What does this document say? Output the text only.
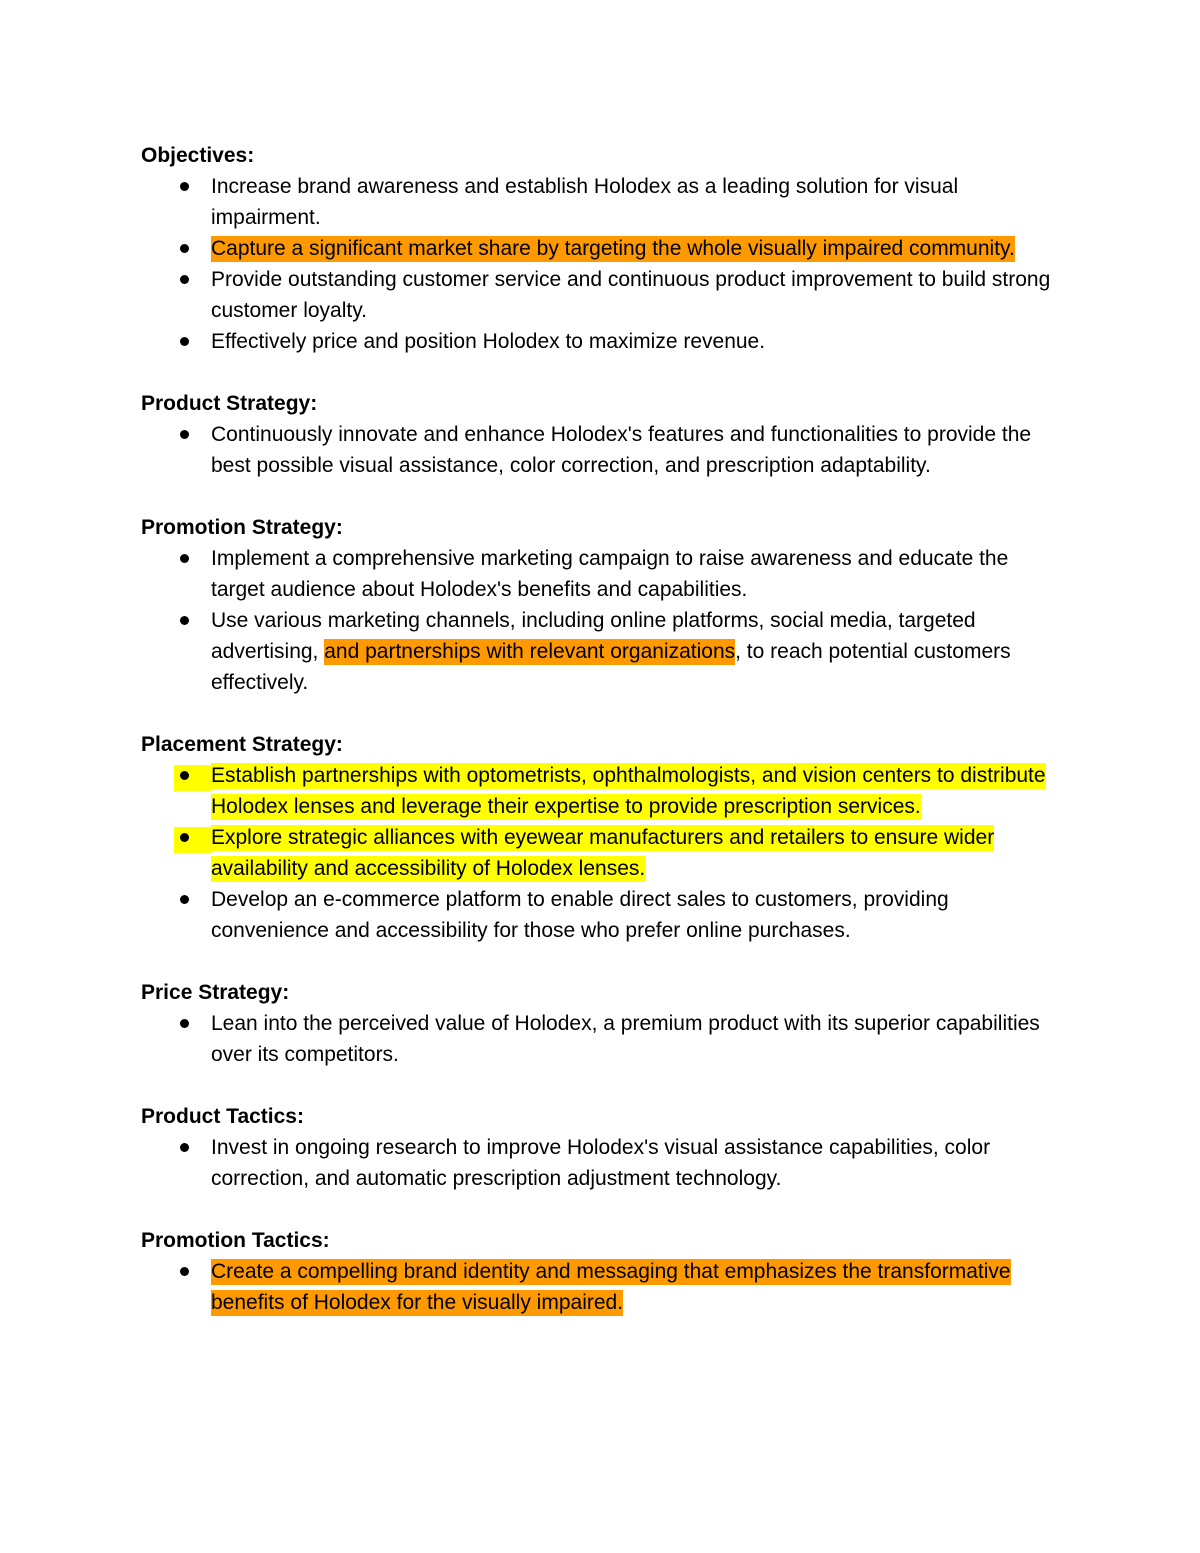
Objectives:
Increase brand awareness and establish Holodex as a leading solution for visual impairment.
Capture a significant market share by targeting the whole visually impaired community.
Provide outstanding customer service and continuous product improvement to build strong customer loyalty.
Effectively price and position Holodex to maximize revenue.
Product Strategy:
Continuously innovate and enhance Holodex's features and functionalities to provide the best possible visual assistance, color correction, and prescription adaptability.
Promotion Strategy:
Implement a comprehensive marketing campaign to raise awareness and educate the target audience about Holodex's benefits and capabilities.
Use various marketing channels, including online platforms, social media, targeted advertising, and partnerships with relevant organizations, to reach potential customers effectively.
Placement Strategy:
Establish partnerships with optometrists, ophthalmologists, and vision centers to distribute Holodex lenses and leverage their expertise to provide prescription services.
Explore strategic alliances with eyewear manufacturers and retailers to ensure wider availability and accessibility of Holodex lenses.
Develop an e-commerce platform to enable direct sales to customers, providing convenience and accessibility for those who prefer online purchases.
Price Strategy:
Lean into the perceived value of Holodex, a premium product with its superior capabilities over its competitors.
Product Tactics:
Invest in ongoing research to improve Holodex's visual assistance capabilities, color correction, and automatic prescription adjustment technology.
Promotion Tactics:
Create a compelling brand identity and messaging that emphasizes the transformative benefits of Holodex for the visually impaired.
